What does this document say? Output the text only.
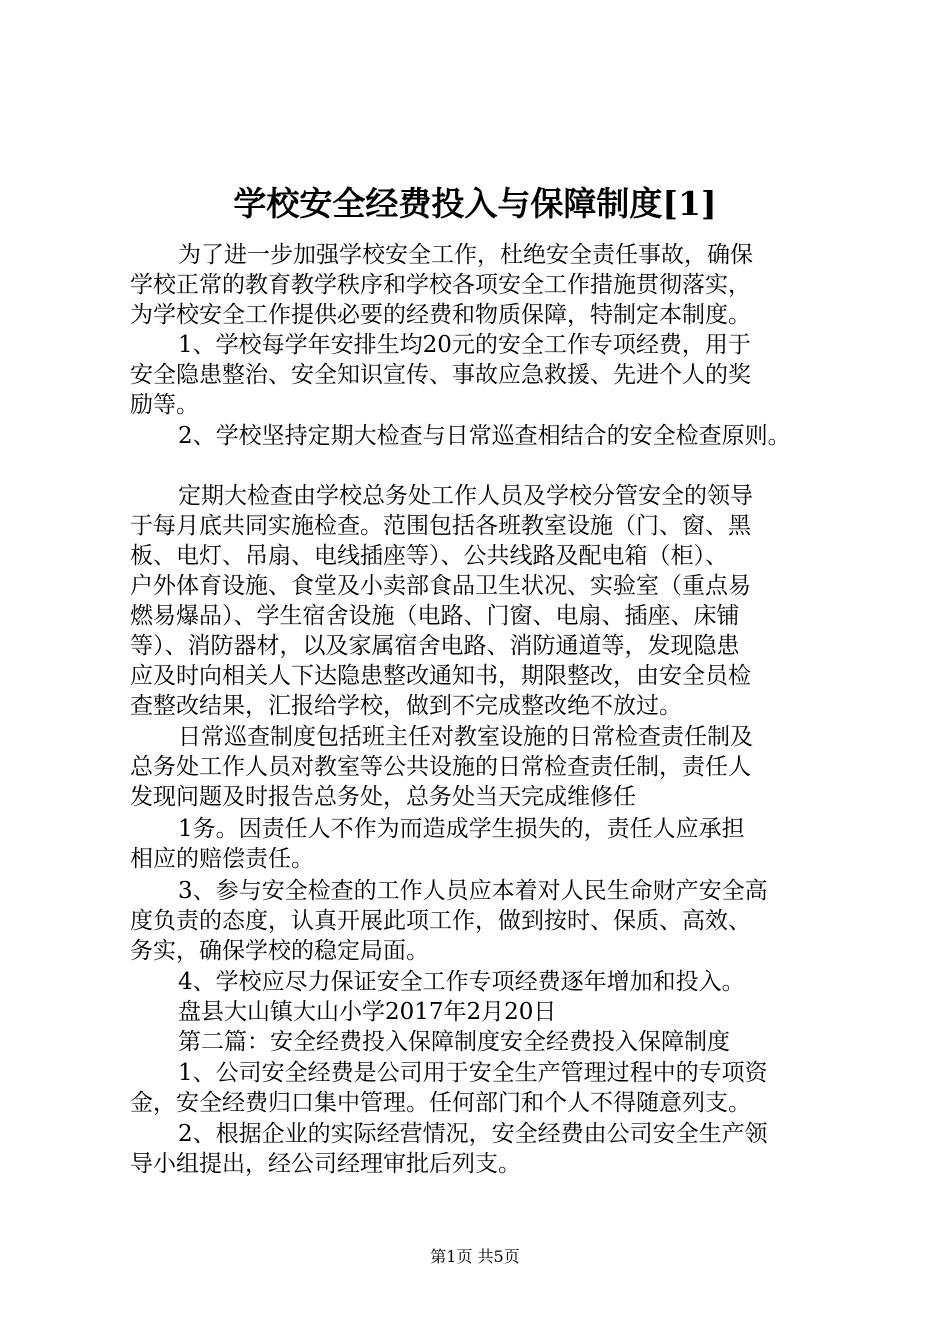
学校安全经费投入与保障制度[1]
为了进一步加强学校安全工作，杜绝安全责任事故，确保
学校正常的教育教学秩序和学校各项安全工作措施贯彻落实，
为学校安全工作提供必要的经费和物质保障，特制定本制度。
1、学校每学年安排生均20元的安全工作专项经费，用于
安全隐患整治、安全知识宣传、事故应急救援、先进个人的奖
励等。
2、学校坚持定期大检查与日常巡查相结合的安全检查原则。
定期大检查由学校总务处工作人员及学校分管安全的领导
于每月底共同实施检查。范围包括各班教室设施（门、窗、黑
板、电灯、吊扇、电线插座等）、公共线路及配电箱（柜）、
户外体育设施、食堂及小卖部食品卫生状况、实验室（重点易
燃易爆品）、学生宿舍设施（电路、门窗、电扇、插座、床铺
等）、消防器材，以及家属宿舍电路、消防通道等，发现隐患
应及时向相关人下达隐患整改通知书，期限整改，由安全员检
查整改结果，汇报给学校，做到不完成整改绝不放过。
日常巡查制度包括班主任对教室设施的日常检查责任制及
总务处工作人员对教室等公共设施的日常检查责任制，责任人
发现问题及时报告总务处，总务处当天完成维修任
1务。因责任人不作为而造成学生损失的，责任人应承担
相应的赔偿责任。
3、参与安全检查的工作人员应本着对人民生命财产安全高
度负责的态度，认真开展此项工作，做到按时、保质、高效、
务实，确保学校的稳定局面。
4、学校应尽力保证安全工作专项经费逐年增加和投入。
盘县大山镇大山小学2017年2月20日
第二篇：安全经费投入保障制度安全经费投入保障制度
1、公司安全经费是公司用于安全生产管理过程中的专项资
金，安全经费归口集中管理。任何部门和个人不得随意列支。
2、根据企业的实际经营情况，安全经费由公司安全生产领
导小组提出，经公司经理审批后列支。
第1页 共5页
